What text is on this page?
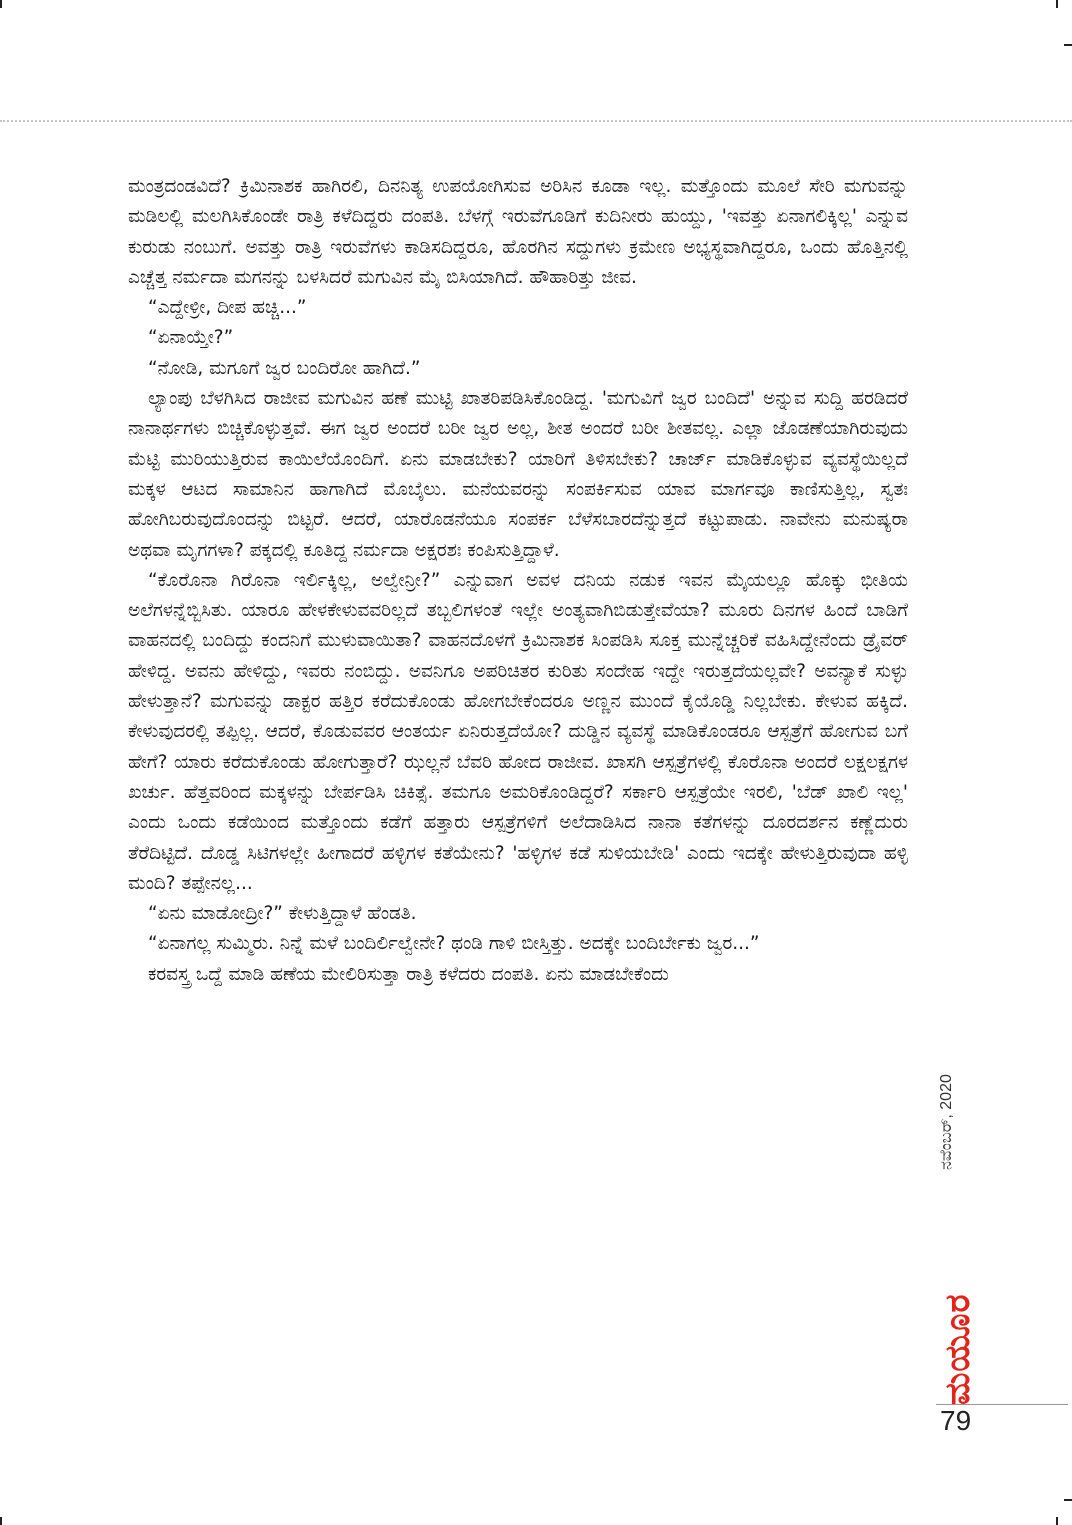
ಮಂತ್ರದಂಡವಿದೆ? ಕ್ರಿಮಿನಾಶಕ ಹಾಗಿರಲಿ, ದಿನನಿತ್ಯ ಉಪಯೋಗಿಸುವ ಅರಿಸಿನ ಕೂಡಾ ಇಲ್ಲ. ಮತ್ತೊಂದು ಮೂಲೆ ಸೇರಿ ಮಗುವನ್ನು ಮಡಿಲಲ್ಲಿ ಮಲಗಿಸಿಕೊಂಡೇ ರಾತ್ರಿ ಕಳೆದಿದ್ದರು ದಂಪತಿ. ಬೆಳಗ್ಗೆ ಇರುವೆಗೂಡಿಗೆ ಕುದಿನೀರು ಹುಯ್ದು, 'ಇವತ್ತು ಏನಾಗಲಿಕ್ಕಿಲ್ಲ' ಎನ್ನುವ ಕುರುಡು ನಂಬುಗೆ. ಅವತ್ತು ರಾತ್ರಿ ಇರುವೆಗಳು ಕಾಡಿಸದಿದ್ದರೂ, ಹೊರಗಿನ ಸದ್ದುಗಳು ಕ್ರಮೇಣ ಅಭ್ಯಸ್ಥವಾಗಿದ್ದರೂ, ಒಂದು ಹೊತ್ತಿನಲ್ಲಿ ಎಚ್ಚೆತ್ತ ನರ್ಮದಾ ಮಗನನ್ನು ಬಳಸಿದರೆ ಮಗುವಿನ ಮೈ ಬಿಸಿಯಾಗಿದೆ. ಹೌಹಾರಿತ್ತು ಜೀವ.

“ಎದ್ದೇಳ್ರೀ, ದೀಪ ಹಚ್ಚಿ...”

“ಏನಾಯ್ತೇ?”

“ನೋಡಿ, ಮಗೂಗೆ ಜ್ವರ ಬಂದಿರೋ ಹಾಗಿದೆ.”

ಲ್ಯಾಂಪು ಬೆಳಗಿಸಿದ ರಾಜೀವ ಮಗುವಿನ ಹಣೆ ಮುಟ್ಟಿ ಖಾತರಿಪಡಿಸಿಕೊಂಡಿದ್ದ. 'ಮಗುವಿಗೆ ಜ್ವರ ಬಂದಿದೆ' ಅನ್ನುವ ಸುದ್ದಿ ಹರಡಿದರೆ ನಾನಾರ್ಥಗಳು ಬಿಚ್ಚಿಕೊಳ್ಳುತ್ತವೆ. ಈಗ ಜ್ವರ ಅಂದರೆ ಬರೀ ಜ್ವರ ಅಲ್ಲ, ಶೀತ ಅಂದರೆ ಬರೀ ಶೀತವಲ್ಲ. ಎಲ್ಲಾ ಜೊಡಣೆಯಾಗಿರುವುದು ಮೆಟ್ಟಿ ಮುರಿಯುತ್ತಿರುವ ಕಾಯಿಲೆಯೊಂದಿಗೆ. ಏನು ಮಾಡಬೇಕು? ಯಾರಿಗೆ ತಿಳಿಸಬೇಕು? ಚಾರ್ಜ್ ಮಾಡಿಕೊಳ್ಳುವ ವ್ಯವಸ್ಥೆಯಿಲ್ಲದೆ ಮಕ್ಕಳ ಆಟದ ಸಾಮಾನಿನ ಹಾಗಾಗಿದೆ ಮೊಬೈಲು. ಮನೆಯವರನ್ನು ಸಂಪರ್ಕಿಸುವ ಯಾವ ಮಾರ್ಗವೂ ಕಾಣಿಸುತ್ತಿಲ್ಲ, ಸ್ವತಃ ಹೋಗಿಬರುವುದೊಂದನ್ನು ಬಿಟ್ಟರೆ. ಆದರೆ, ಯಾರೊಡನೆಯೂ ಸಂಪರ್ಕ ಬೆಳೆಸಬಾರದೆನ್ನುತ್ತದೆ ಕಟ್ಟುಪಾಡು. ನಾವೇನು ಮನುಷ್ಯರಾ ಅಥವಾ ಮೃಗಗಳಾ? ಪಕ್ಕದಲ್ಲಿ ಕೂತಿದ್ದ ನರ್ಮದಾ ಅಕ್ಷರಶಃ ಕಂಪಿಸುತ್ತಿದ್ದಾಳೆ.

“ಕೊರೊನಾ ಗಿರೊನಾ ಇರ್ಲಿಕ್ಕಿಲ್ಲ, ಅಲ್ವೇನ್ರೀ?” ಎನ್ನುವಾಗ ಅವಳ ದನಿಯ ನಡುಕ ಇವನ ಮೈಯಲ್ಲೂ ಹೊಕ್ಕು ಭೀತಿಯ ಅಲೆಗಳನ್ನೆಬ್ಬಿಸಿತು. ಯಾರೂ ಹೇಳಕೇಳುವವರಿಲ್ಲದೆ ತಬ್ಬಲಿಗಳಂತೆ ಇಲ್ಲೇ ಅಂತ್ಯವಾಗಿಬಿಡುತ್ತೇವೆಯಾ? ಮೂರು ದಿನಗಳ ಹಿಂದೆ ಬಾಡಿಗೆ ವಾಹನದಲ್ಲಿ ಬಂದಿದ್ದು ಕಂದನಿಗೆ ಮುಳುವಾಯಿತಾ? ವಾಹನದೊಳಗೆ ಕ್ರಿಮಿನಾಶಕ ಸಿಂಪಡಿಸಿ ಸೂಕ್ತ ಮುನ್ನೆಚ್ಚರಿಕೆ ವಹಿಸಿದ್ದೇನೆಂದು ಡ್ರೈವರ್ ಹೇಳಿದ್ದ. ಅವನು ಹೇಳಿದ್ದು, ಇವರು ನಂಬಿದ್ದು. ಅವನಿಗೂ ಅಪರಿಚಿತರ ಕುರಿತು ಸಂದೇಹ ಇದ್ದೇ ಇರುತ್ತದೆಯಲ್ಲವೇ? ಅವನ್ಯಾಕೆ ಸುಳ್ಳು ಹೇಳುತ್ತಾನೆ? ಮಗುವನ್ನು ಡಾಕ್ಟರ ಹತ್ತಿರ ಕರೆದುಕೊಂಡು ಹೋಗಬೇಕೆಂದರೂ ಅಣ್ಣನ ಮುಂದೆ ಕೈಯೊಡ್ಡಿ ನಿಲ್ಲಬೇಕು. ಕೇಳುವ ಹಕ್ಕಿದೆ. ಕೇಳುವುದರಲ್ಲಿ ತಪ್ಪಿಲ್ಲ. ಆದರೆ, ಕೊಡುವವರ ಆಂತರ್ಯ ಏನಿರುತ್ತದೆಯೋ? ದುಡ್ಡಿನ ವ್ಯವಸ್ಥೆ ಮಾಡಿಕೊಂಡರೂ ಆಸ್ಪತ್ರೆಗೆ ಹೋಗುವ ಬಗೆ ಹೇಗೆ? ಯಾರು ಕರೆದುಕೊಂಡು ಹೋಗುತ್ತಾರೆ? ಝಲ್ಲನೆ ಬೆವರಿ ಹೋದ ರಾಜೀವ. ಖಾಸಗಿ ಆಸ್ಪತ್ರೆಗಳಲ್ಲಿ ಕೊರೊನಾ ಅಂದರೆ ಲಕ್ಷಲಕ್ಷಗಳ ಖರ್ಚು. ಹೆತ್ತವರಿಂದ ಮಕ್ಕಳನ್ನು ಬೇರ್ಪಡಿಸಿ ಚಿಕಿತ್ಸೆ. ತಮಗೂ ಅಮರಿಕೊಂಡಿದ್ದರೆ? ಸರ್ಕಾರಿ ಆಸ್ಪತ್ರೆಯೇ ಇರಲಿ, 'ಬೆಡ್ ಖಾಲಿ ಇಲ್ಲ' ಎಂದು ಒಂದು ಕಡೆಯಿಂದ ಮತ್ತೊಂದು ಕಡೆಗೆ ಹತ್ತಾರು ಆಸ್ಪತ್ರೆಗಳಿಗೆ ಅಲೆದಾಡಿಸಿದ ನಾನಾ ಕತೆಗಳನ್ನು ದೂರದರ್ಶನ ಕಣ್ಣೆದುರು ತೆರೆದಿಟ್ಟಿದೆ. ದೊಡ್ಡ ಸಿಟಿಗಳಲ್ಲೇ ಹೀಗಾದರೆ ಹಳ್ಳಿಗಳ ಕತೆಯೇನು? 'ಹಳ್ಳಿಗಳ ಕಡೆ ಸುಳಿಯಬೇಡಿ' ಎಂದು ಇದಕ್ಕೇ ಹೇಳುತ್ತಿರುವುದಾ ಹಳ್ಳಿ ಮಂದಿ? ತಪ್ಪೇನಲ್ಲ...

“ಏನು ಮಾಡೋದ್ರೀ?” ಕೇಳುತ್ತಿದ್ದಾಳೆ ಹೆಂಡತಿ.

“ಏನಾಗಲ್ಲ ಸುಮ್ಮಿರು. ನಿನ್ನೆ ಮಳೆ ಬಂದಿರ್ಲಿಲ್ವೇನೇ? ಥಂಡಿ ಗಾಳಿ ಬೀಸ್ತಿತ್ತು. ಅದಕ್ಕೇ ಬಂದಿರ್ಬೇಕು ಜ್ವರ...”

ಕರವಸ್ತ್ರ ಒದ್ದೆ ಮಾಡಿ ಹಣೆಯ ಮೇಲಿರಿಸುತ್ತಾ ರಾತ್ರಿ ಕಳೆದರು ದಂಪತಿ. ಏನು ಮಾಡಬೇಕೆಂದು

ನವೆಂಬರ್, 2020
ಮಯೂರ
79
